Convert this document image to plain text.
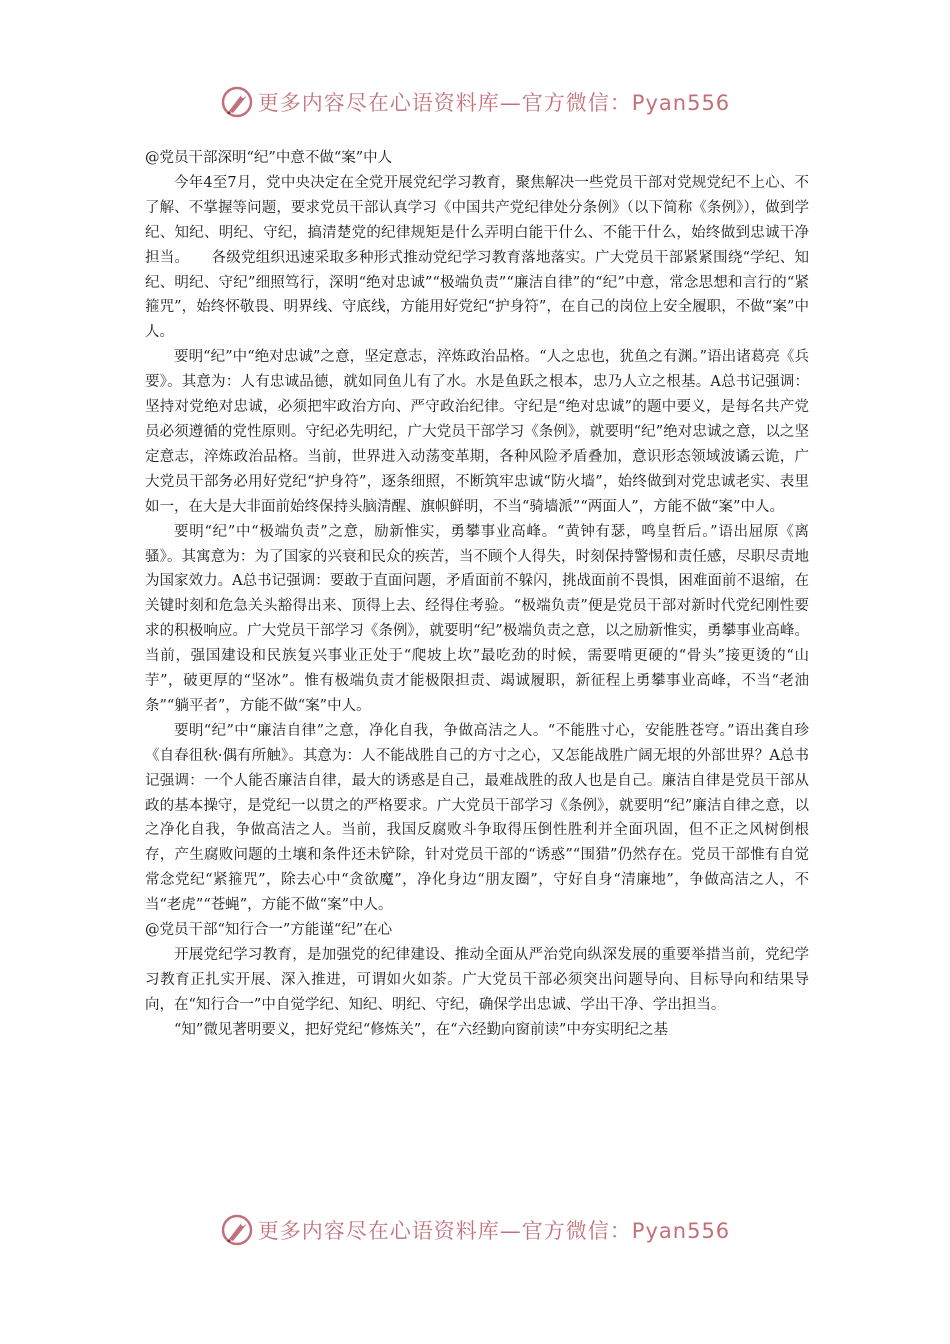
更多内容尽在心语资料库—官方微信：Pyan556

@党员干部深明“纪”中意不做“案”中人

今年4至7月，党中央决定在全党开展党纪学习教育，聚焦解决一些党员干部对党规党纪不上心、不了解、不掌握等问题，要求党员干部认真学习《中国共产党纪律处分条例》（以下简称《条例》），做到学纪、知纪、明纪、守纪，搞清楚党的纪律规矩是什么弄明白能干什么、不能干什么，始终做到忠诚干净担当。　　各级党组织迅速采取多种形式推动党纪学习教育落地落实。广大党员干部紧紧围绕“学纪、知纪、明纪、守纪”细照笃行，深明“绝对忠诚”“极端负责”“廉洁自律”的“纪”中意，常念思想和言行的“紧箍咒”，始终怀敬畏、明界线、守底线，方能用好党纪“护身符”，在自己的岗位上安全履职，不做“案”中人。

要明“纪”中“绝对忠诚”之意，坚定意志，淬炼政治品格。“人之忠也，犹鱼之有渊。”语出诸葛亮《兵要》。其意为：人有忠诚品德，就如同鱼儿有了水。水是鱼跃之根本，忠乃人立之根基。A总书记强调：坚持对党绝对忠诚，必须把牢政治方向、严守政治纪律。守纪是“绝对忠诚”的题中要义，是每名共产党员必须遵循的党性原则。守纪必先明纪，广大党员干部学习《条例》，就要明“纪”绝对忠诚之意，以之坚定意志，淬炼政治品格。当前，世界进入动荡变革期，各种风险矛盾叠加，意识形态领域波谲云诡，广大党员干部务必用好党纪“护身符”，逐条细照，不断筑牢忠诚“防火墙”，始终做到对党忠诚老实、表里如一，在大是大非面前始终保持头脑清醒、旗帜鲜明，不当“骑墙派”“两面人”，方能不做“案”中人。

要明“纪”中“极端负责”之意，励新惟实，勇攀事业高峰。“黄钟有瑟，鸣皇哲后。”语出屈原《离骚》。其寓意为：为了国家的兴衰和民众的疾苦，当不顾个人得失，时刻保持警惕和责任感，尽职尽责地为国家效力。A总书记强调：要敢于直面问题，矛盾面前不躲闪，挑战面前不畏惧，困难面前不退缩，在关键时刻和危急关头豁得出来、顶得上去、经得住考验。“极端负责”便是党员干部对新时代党纪刚性要求的积极响应。广大党员干部学习《条例》，就要明“纪”极端负责之意，以之励新惟实，勇攀事业高峰。当前，强国建设和民族复兴事业正处于“爬坡上坎”最吃劲的时候，需要啃更硬的“骨头”接更烫的“山芋”，破更厚的“坚冰”。惟有极端负责才能极限担责、竭诚履职，新征程上勇攀事业高峰，不当“老油条”“躺平者”，方能不做“案”中人。

要明“纪”中“廉洁自律”之意，净化自我，争做高洁之人。“不能胜寸心，安能胜苍穹。”语出龚自珍《自春徂秋·偶有所触》。其意为：人不能战胜自己的方寸之心，又怎能战胜广阔无垠的外部世界？A总书记强调：一个人能否廉洁自律，最大的诱惑是自己，最难战胜的敌人也是自己。廉洁自律是党员干部从政的基本操守，是党纪一以贯之的严格要求。广大党员干部学习《条例》，就要明“纪”廉洁自律之意，以之净化自我，争做高洁之人。当前，我国反腐败斗争取得压倒性胜利并全面巩固，但不正之风树倒根存，产生腐败问题的土壤和条件还未铲除，针对党员干部的“诱惑”“围猎”仍然存在。党员干部惟有自觉常念党纪“紧箍咒”，除去心中“贪欲魔”，净化身边“朋友圈”，守好自身“清廉地”，争做高洁之人，不当“老虎”“苍蝇”，方能不做“案”中人。

@党员干部“知行合一”方能谨“纪”在心

开展党纪学习教育，是加强党的纪律建设、推动全面从严治党向纵深发展的重要举措当前，党纪学习教育正扎实开展、深入推进，可谓如火如荼。广大党员干部必须突出问题导向、目标导向和结果导向，在“知行合一”中自觉学纪、知纪、明纪、守纪，确保学出忠诚、学出干净、学出担当。

“知”微见著明要义，把好党纪“修炼关”，在“六经勤向窗前读”中夯实明纪之基

更多内容尽在心语资料库—官方微信：Pyan556
